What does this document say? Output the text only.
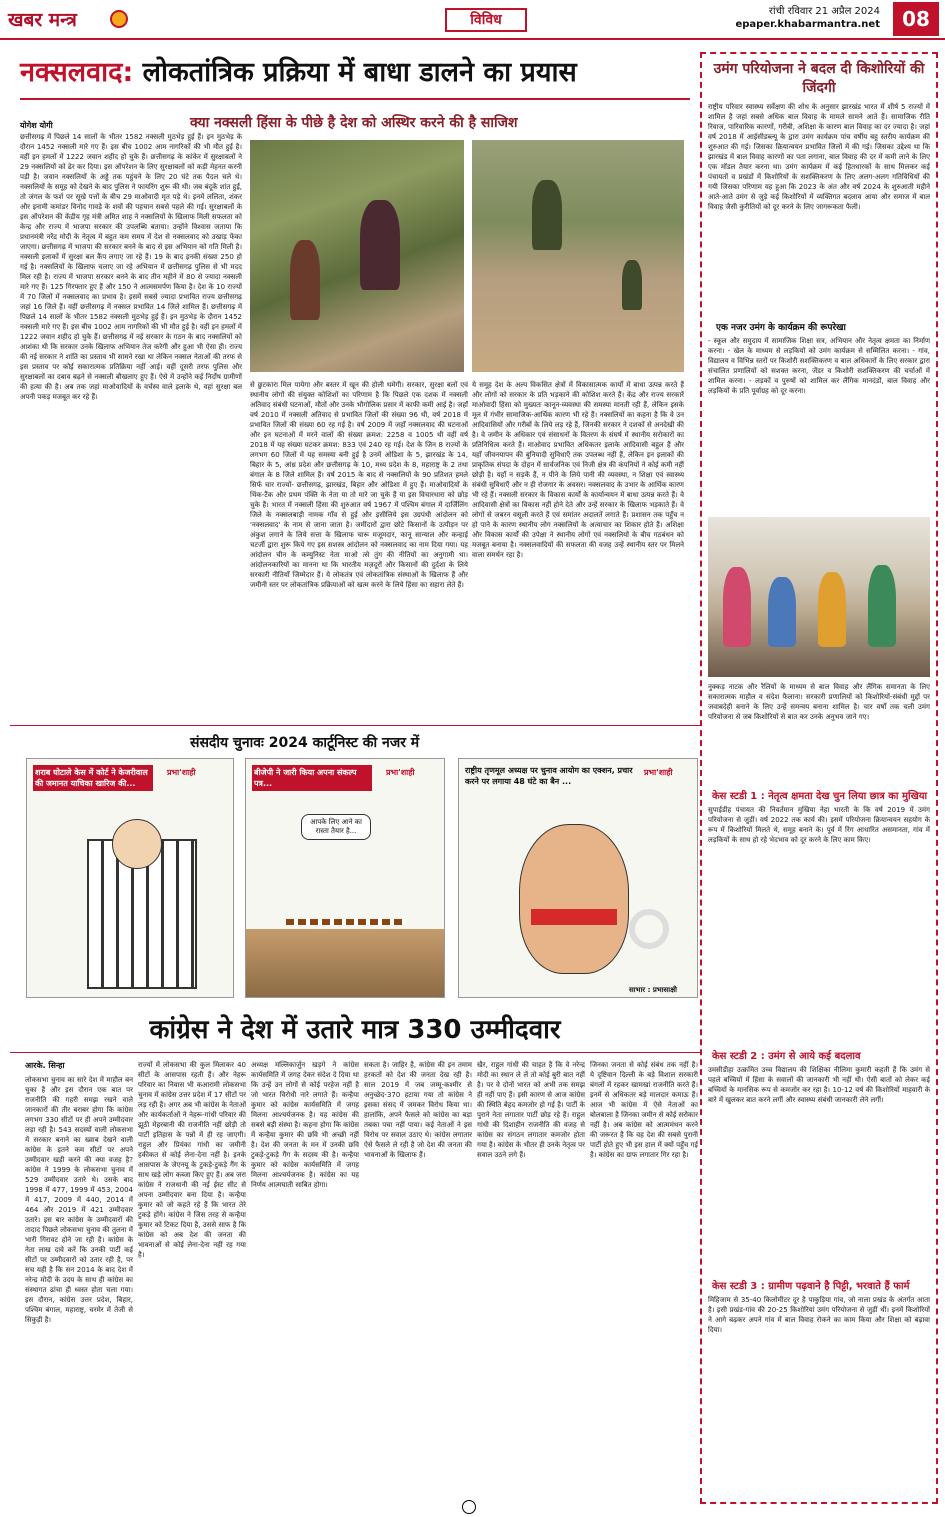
खबर मन्त्र	विविध
रांची रविवार 21 अप्रैल 2024
epaper.khabarmantra.net	08
नक्सलवाद: लोकतांत्रिक प्रक्रिया में बाधा डालने का प्रयास
योगेश योगी	क्या नक्सली हिंसा के पीछे है देश को अस्थिर करने की है साजिश
छत्तीसगढ़ में पिछले 14 सालों के भीतर 1582 नक्सली मुठभेड़ हुई हैं। इन मुठभेड़ के दौरान 1452 नक्सली मारे गए हैं। इस बीच 1002 आम नागरिकों की भी मौत हुई है। वहीं इन हमलों में 1222 जवान शहीद हो चुके हैं। छत्तीसगढ़ के कांकेर में सुरक्षाबलों ने 29 नक्सलियों को ढेर कर दिया। इस ऑपरेशन के लिए सुरक्षाबलों को कड़ी मेहनत करनी पड़ी है। जवान नक्सलियों के अड्डे तक पहुंचने के लिए 20 घंटे तक पैदल चले थे। नक्सलियों के समूह को देखने के बाद पुलिस ने फायरिंग शुरू की थी। जब बंदूकें शांत हुईं, तो जंगल के फर्श पर सूखे पत्तों के बीच 29 माओवादी मृत पड़े थे। इनमें ललिता, शंकर और इनामी कमांडर विनोद गावड़े के शवों की पहचान सबसे पहले की गई। सुरक्षाबलों के इस ऑपरेशन की केंद्रीय गृह मंत्री अमित शाह ने नक्सलियों के खिलाफ मिली सफलता को केन्द्र और राज्य में भाजपा सरकार की उपलब्धि बताया। उन्होंने विश्वास जताया कि प्रधानमंत्री नरेंद्र मोदी के नेतृत्व में बहुत कम समय में देश से नक्सलवाद को उखाड़ फेंका जाएगा। छत्तीसगढ़ में भाजपा की सरकार बनने के बाद से इस अभियान को गति मिली है। नक्सली इलाकों में सुरक्षा बल कैंप लगाए जा रहे हैं। 19 के बाद इनकी संख्या 250 हो गई है। नक्सलियों के खिलाफ चलाए जा रहे अभियान में छत्तीसगढ़ पुलिस से भी मदद मिल रही है। राज्य में भाजपा सरकार बनने के बाद तीन महीने में 80 से ज्यादा नक्सली मारे गए हैं। 125 गिरफ्तार हुए हैं और 150 ने आत्मसमर्पण किया है। देश के 10 राज्यों में 70 जिलों में नक्सलवाद का प्रभाव है। इसमें सबसे ज्यादा प्रभावित राज्य छत्तीसगढ़ जहां 16 जिले हैं। वहीं छत्तीसगढ़ में नक्सल प्रभावित 14 जिले शामिल हैं। छत्तीसगढ़ में पिछले 14 सालों के भीतर 1582 नक्सली मुठभेड़ हुई हैं। इन मुठभेड़ के दौरान 1452 नक्सली मारे गए हैं। इस बीच 1002 आम नागरिकों की भी मौत हुई है। वहीं इन हमलों में 1222 जवान शहीद हो चुके हैं। छत्तीसगढ़ में नई सरकार के गठन के बाद नक्सलियों को आशंका थी कि सरकार उनके खिलाफ अभियान तेज करेगी और हुआ भी ऐसा ही। राज्य की नई सरकार ने शांति का प्रस्ताव भी सामने रखा था लेकिन नक्सल नेताओं की तरफ से इस प्रस्ताव पर कोई सकारात्मक प्रतिक्रिया नहीं आई। वहीं दूसरी तरफ पुलिस और सुरक्षाबलों का दबाव बढ़ने से नक्सली बौखलाए हुए हैं। ऐसे में उन्होंने कई निर्दोष ग्रामीणों की हत्या की है। अब तक जहां माओवादियों के वर्चस्व वाले इलाके थे, वहां सुरक्षा बल अपनी पकड़ मजबूत कर रहे हैं।
से छुटकारा मिल पायेगा और बस्तर में खून की होली थमेगी। सरकार, सुरक्षा बलों एवं स्थानीय लोगों की संयुक्त कोशिशों का परिणाम है कि पिछले एक दशक में नक्सली अतिवाद संबंधी घटनाओं, मौतों और उनके भौगोलिक प्रसार में काफी कमी आई है। जहाँ वर्ष 2010 में नक्सली अतिवाद से प्रभावित जिलों की संख्या 96 थी, वर्ष 2018 में प्रभावित जिलों की संख्या 60 रह गई है। वर्ष 2009 में जहाँ नक्सलवाद की घटनाओं और इन घटनाओं में मरने वालों की संख्या क्रमश: 2258 व 1005 थी वहीं वर्ष 2018 में यह संख्या घटकर क्रमश: 833 एवं 240 रह गई। देश के जिन 8 राज्यों के लगभग 60 जिलों में यह समस्या बनी हुई है उनमें ओडिशा के 5, झारखंड के 14, बिहार के 5, आंध्र प्रदेश और छत्तीसगढ़ के 10, मध्य प्रदेश के 8, महाराष्ट्र के 2 तथा बंगाल के 8 जिले शामिल हैं। वर्ष 2015 के बाद से नक्सलियों के 90 प्रतिशत हमले सिर्फ चार राज्यों- छत्तीसगढ़, झारखंड, बिहार और ओडिशा में हुए हैं। माओवादियों के थिंक-टैंक और प्रथम पंक्ति के नेता या तो मारे जा चुके हैं या इस विचारधारा को छोड़ चुके हैं। भारत में नक्सली हिंसा की शुरुआत वर्ष 1967 में पश्चिम बंगाल में दार्जिलिंग जिले के नक्सलबाड़ी नामक गाँव से हुई और इसीलिये इस उग्रपंथी आंदोलन को 'नक्सलवाद' के नाम से जाना जाता है। जमींदारों द्वारा छोटे किसानों के उत्पीड़न पर अंकुश लगाने के लिये सत्ता के खिलाफ चारू मजूमदार, कानू सान्याल और कन्हाई चटर्जी द्वारा शुरू किये गए इस सशस्त्र आंदोलन को नक्सलवाद का नाम दिया गया। यह आंदोलन चीन के कम्युनिस्ट नेता माओ त्से तुंग की नीतियों का अनुगामी था। आंदोलनकारियों का मानना था कि भारतीय मज़दूरों और किसानों की दुर्दशा के लिये सरकारी नीतियाँ जिम्मेदार हैं। ये लोकतंत्र एवं लोकतांत्रिक संस्थाओं के खिलाफ हैं और जमीनी स्तर पर लोकतांत्रिक प्रक्रियाओं को खत्म करने के लिये हिंसा का सहारा लेते हैं।
ये समूह देश के अल्प विकसित क्षेत्रों में विकासात्मक कार्यों में बाधा उत्पन्न करते हैं और लोगों को सरकार के प्रति भड़काने की कोशिश करते हैं। केंद्र और राज्य सरकारें माओवादी हिंसा को मुख्यतः कानून-व्यवस्था की समस्या मानती रही हैं, लेकिन इसके मूल में गंभीर सामाजिक-आर्थिक कारण भी रहे हैं। नक्सलियों का कहना है कि वे उन आदिवासियों और गरीबों के लिये लड़ रहे हैं, जिनकी सरकार ने दशकों से अनदेखी की है। वे जमीन के अधिकार एवं संसाधनों के वितरण के संघर्ष में स्थानीय सरोकारों का प्रतिनिधित्व करते हैं। माओवाद प्रभावित अधिकतर इलाके आदिवासी बहुल हैं और यहाँ जीवनयापन की बुनियादी सुविधाएँ तक उपलब्ध नहीं हैं, लेकिन इन इलाकों की प्राकृतिक संपदा के दोहन में सार्वजनिक एवं निजी क्षेत्र की कंपनियों ने कोई कमी नहीं छोड़ी है। यहाँ न सड़कें हैं, न पीने के लिये पानी की व्यवस्था, न शिक्षा एवं स्वास्थ्य संबंधी सुविधाएँ और न ही रोजगार के अवसर। नक्सलवाद के उभार के आर्थिक कारण भी रहे हैं। नक्सली सरकार के विकास कार्यों के कार्यान्वयन में बाधा उत्पन्न करते हैं। वे आदिवासी क्षेत्रों का विकास नहीं होने देते और उन्हें सरकार के खिलाफ भड़काते हैं। वे लोगों से जबरन वसूली करते हैं एवं समांतर अदालतें लगाते हैं। प्रशासन तक पहुँच न हो पाने के कारण स्थानीय लोग नक्सलियों के अत्याचार का शिकार होते हैं। अशिक्षा और विकास कार्यों की उपेक्षा ने स्थानीय लोगों एवं नक्सलियों के बीच गठबंधन को मजबूत बनाया है। नक्सलवादियों की सफलता की वजह उन्हें स्थानीय स्तर पर मिलने वाला समर्थन रहा है।
संसदीय चुनावः 2024 कार्टूनिस्ट की नजर में
शराब घोटाले केस में कोर्ट ने केजरीवाल की जमानत याचिका खारिज की...
प्रभा'शाही	बीजेपी ने जारी किया अपना संकल्प पत्र...
प्रभा'शाही
आपके लिए आने का रास्ता तैयार है...
राष्ट्रीय तृणमूल अध्यक्ष पर चुनाव आयोग का एक्शन, प्रचार करने पर लगाया 48 घंटे का बैन ...
प्रभा'शाही
साभार : प्रभासाक्षी
कांग्रेस ने देश में उतारे मात्र 330 उम्मीदवार
आरके. सिन्हा
लोकसभा चुनाव का सारे देश में माहौल बन चुका है और इस दौरान एक बात पर राजनीति की गहरी समझ रखने वाले जानकारों की तीर बराबर होगा कि कांग्रेस लगभग 330 सीटों पर ही अपने उम्मीदवार लड़ा रही है। 543 सदस्यों वाली लोकसभा में सरकार बनाने का ख्वाब देखने वाली कांग्रेस के इतने कम सीटों पर अपने उम्मीदवार खड़ी करने की क्या वजह है? कांग्रेस ने 1999 के लोकसभा चुनाव में 529 उम्मीदवार उतारे थे। उसके बाद 1998 में 477, 1999 में 453, 2004 में 417, 2009 में 440, 2014 में 464 और 2019 में 421 उम्मीदवार उतारे। इस बार कांग्रेस के उम्मीदवारों की तादाद पिछले लोकसभा चुनाव की तुलना में भारी गिरावट होने जा रही है। कांग्रेस के नेता लाख दावे करें कि उनकी पार्टी कई सीटों पर उम्मीदवारों को उतार रही है, पर सच यही है कि सन 2014 के बाद देश में नरेन्द्र मोदी के उदय के साथ ही कांग्रेस का संस्थागत ढांचा ही ध्वस्त होता चला गया। इस दौरान, कांग्रेस उत्तर प्रदेश, बिहार, पश्चिम बंगाल, महाराष्ट्र, चरमेर में तेजी से सिकुड़ी है।
राज्यों में लोकसभा की कुल मिलाकर 40 सीटों के आसपास रहती हैं। और नेहरू परिवार का निवास भी कआरामी लोकसभा चुनाव में कांग्रेस उत्तर प्रदेश में 17 सीटों पर लड़ रही है। अगर अब भी कांग्रेस के नेताओं और कार्यकर्ताओं ने नेहरू-गांधी परिवार की झूठी मेहरबानी की राजनीति नहीं छोड़ी तो पार्टी इतिहास के पन्नों में ही रह जाएगी। राहुल और प्रियंका गांधी का जमीनी हकीकत से कोई लेना-देना नहीं है। इनके आसपास के जेएनयू के टुकड़े-टुकड़े गैंग के साथ खड़े लोग कब्जा किए हुए हैं। अब जरा कांग्रेस ने राजधानी की नई ईस्ट सीट से अपना उम्मीदवार बना दिया है। कन्हैया कुमार को जो कहते रहे हैं कि भारत तेरे टुकड़े होंगे। कांग्रेस ने जिस तरह से कन्हैया कुमार को टिकट दिया है, उससे साफ है कि कांग्रेस को अब देश की जनता की भावनाओं से कोई लेना-देना नहीं रह गया है।
अध्यक्ष मल्लिकार्जुन खड़गे ने कांग्रेस कार्यसमिति में जगह देकर संदेश दे दिया था कि उन्हें उन लोगों से कोई परहेज नहीं है जो भारत विरोधी नारे लगाते हैं। कन्हैया कुमार को कांग्रेस कार्यसमिति में जगह मिलना आश्चर्यजनक है। यह कांग्रेस की सबसे बड़ी संस्था है। कहना होगा कि कांग्रेस में कन्हैया कुमार की छवि भी अच्छी नहीं है। देश की जनता के मन में उनकी छवि टुकड़े-टुकड़े गैंग के सदस्य की है। कन्हैया कुमार को कांग्रेस कार्यसमिति में जगह मिलना आश्चर्यजनक है। कांग्रेस का यह निर्णय आत्मघाती साबित होगा।
सकता है। जाहिर है, कांग्रेस की इन तमाम हरकतों को देश की जनता देख रही है। साल 2019 में जब जम्मू-कश्मीर से अनुच्छेद-370 हटाया गया तो कांग्रेस ने इसका संसद में जमकर विरोध किया था। हालांकि, अपने फैसले को कांग्रेस का बड़ा तबका पचा नहीं पाया। कई नेताओं ने इस विरोध पर सवाल उठाए थे। कांग्रेस लगातार ऐसे फैसले ले रही है जो देश की जनता की भावनाओं के खिलाफ हैं।
खैर, राहुल गांधी की चाहत है कि वे नरेन्द्र मोदी का स्थान ले लें तो कोई बुरी बात नहीं है। पर वे दोनों भारत को अभी तक समझ ही नहीं पाए हैं। इसी कारण से आज कांग्रेस की स्थिति बेहद कमजोर हो गई है। पार्टी के पुराने नेता लगातार पार्टी छोड़ रहे हैं। राहुल गांधी की दिशाहीन राजनीति की वजह से कांग्रेस का संगठन लगातार कमजोर होता गया है। कांग्रेस के भीतर ही उनके नेतृत्व पर सवाल उठने लगे हैं।
जिनका जनता से कोई संबंध तक नहीं है। ये दृष्टिवान दिल्ली के बड़े विशाल सरकारी बंगलों में रहकर खामखां राजनीति करते हैं। इनमें से अधिकतर बड़े मालदार कमाऊ हैं। आज भी कांग्रेस में ऐसे नेताओं का बोलबाला है जिनका जमीन से कोई सरोकार नहीं है। अब कांग्रेस को आत्ममंथन करने की जरूरत है कि वह देश की सबसे पुरानी पार्टी होते हुए भी इस हाल में क्यों पहुँच गई है। कांग्रेस का ग्राफ लगातार गिर रहा है।
उमंग परियोजना ने बदल दी किशोरियों की जिंदगी
राष्ट्रीय परिवार स्वास्थ्य सर्वेक्षण की शोध के अनुसार झारखंड भारत में शीर्ष 5 राज्यों में शामिल है जहां सबसे अधिक बाल विवाह के मामले सामने आते हैं। सामाजिक रीति रिवाज, पारिवारिक कारणों, गरीबी, अशिक्षा के कारण बाल विवाह का दर ज्यादा है। जहां वर्ष 2018 में आईसीडब्ल्यू के द्वारा उमंग कार्यक्रम पांच वर्षीय बहु स्तरीय कार्यक्रम की शुरुआत की गई। जिसका क्रियान्वयन प्रभावित जिलों में की गई। जिसका उद्देश्य था कि झारखंड में बाल विवाह कारणों का पता लगाना, बाल विवाह की दर में कमी लाने के लिए एक मॉडल तैयार करना था। उमंग कार्यक्रम में कई हितधारकों के साथ मिलकर कई पंचायतों व प्रखंडों में किशोरियों के सशक्तिकरण के लिए अलग-अलग गतिविधियों की गयी जिसका परिणाम यह हुआ कि 2023 के अंत और वर्ष 2024 के शुरुआती महीने आते-आते उमंग से जुड़े कई किशोरियों में व्यक्तिगत बदलाव आया और समाज में बाल विवाह जैसी कुरीतियों को दूर करने के लिए जागरूकता फैली।
एक नजर उमंग के कार्यक्रम की रूपरेखा
- स्कूल और समुदाय में सामाजिक शिक्षा सत्र, अभियान और नेतृत्व क्षमता का निर्माण करना। - खेल के माध्यम से लड़कियों को उमंग कार्यक्रम से सम्मिलित करना। - गांव, विद्यालय व विभिन्न स्तरों पर किशोरी सशक्तिकरण व बाल अधिकारों के लिए सरकार द्वारा संचालित प्रणालियों को सशक्त करना, जेंडर व किशोरी सशक्तिकरण की चर्चाओं में शामिल करना। - लड़कों व पुरुषों को शामिल कर लैंगिक मानदंडों, बाल विवाह और लड़कियों के प्रति पूर्वाग्रह को दूर करना।
नुक्कड़ नाटक और रैलियों के माध्यम से बाल विवाह और लैंगिक समानता के लिए सकारात्मक माहौल व संदेश फैलाना। सरकारी प्रणालियों को किशोरियों-संबंधी मुद्दों पर जवाबदेही बनाने के लिए उन्हें समन्वय बनाना शामिल है। चार वर्षों तक चली उमंग परियोजना से जब किशोरियों से बात कर उनके अनुभव जाने गए।
केस स्टडी 1 : नेतृत्व क्षमता देख चुन लिया छात्र का मुखिया
सुपाईडीह पंचायत की निवर्तमान मुखिया नेहा भारती के कि वर्ष 2019 में उमंग परियोजना से जुड़ीं। वर्ष 2022 तक कार्य की। इसमें परियोजना क्रियान्वयन सहयोग के रूप में किशोरियों मिलते थे, समूह बनाने के। पूर्व में रिंग आधारित असमानता, गांव में लड़कियों के साथ हो रहे भेदभाव को दूर करने के लिए काम किए।
केस स्टडी 2 : उमंग से आये कई बदलाव
उमसीडीहा उत्क्रमित उच्च विद्यालय की शिक्षिका नीलिमा कुमारी कहती हैं कि उमंग से पहले बच्चियों में हिंसा के सवालों की जानकारी भी नहीं थी। ऐसी बातों को लेकर कई बच्चियों के मानसिक रूप से कमजोर कर रहा है। 10-12 वर्ष की किशोरियों माहवारी के बारे में खुलकर बात करने लगीं और स्वास्थ्य संबंधी जानकारी लेने लगीं।
केस स्टडी 3 : ग्रामीण पढ़वाने है पिट्टी, भरवाते हैं फार्म
मिहिजाम से 35-40 किलोमीटर दूर है पाकुड़िया गांव, जो नाला प्रखंड के अंतर्गत आता है। इसी प्रखंड-गांव की 20-25 किशोरियां उमंग परियोजना से जुड़ीं थीं। इनमें किशोरियों ने आगे बढ़कर अपने गांव में बाल विवाह रोकने का काम किया और शिक्षा को बढ़ावा दिया।
